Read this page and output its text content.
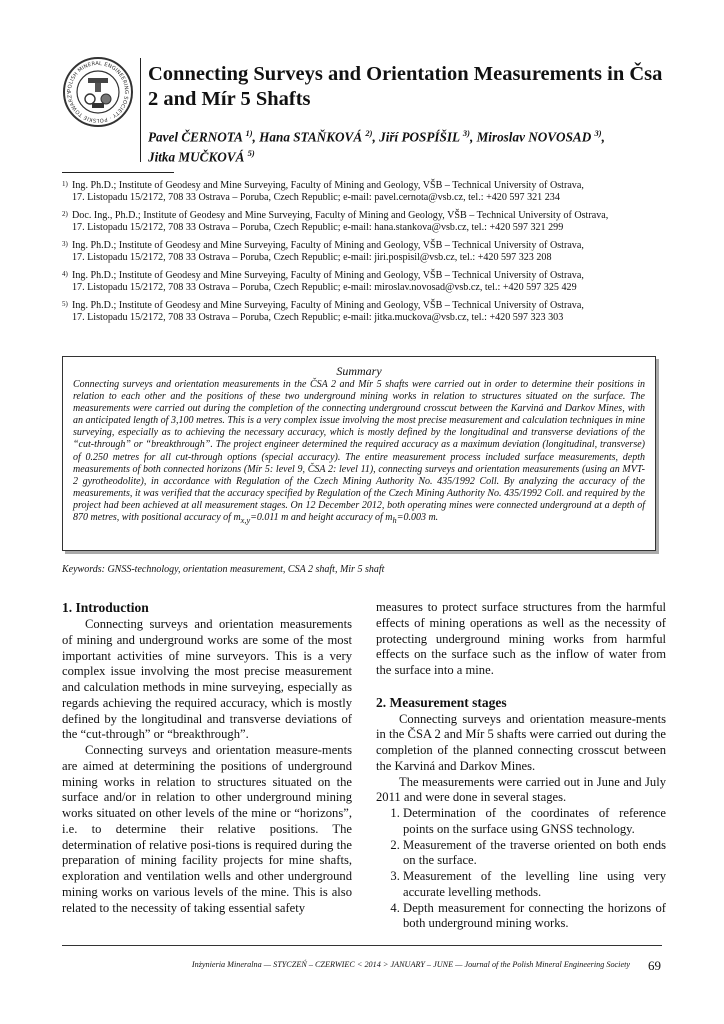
POLISH MINERAL ENGINEERING SOCIETY · POLSKIE TOWARZY
Connecting Surveys and Orientation Measurements in Čsa 2 and Mír 5 Shafts
Pavel ČERNOTA $^{1)}$, Hana STAŇKOVÁ $^{2)}$, Jiří POSPÍŠIL $^{3)}$, Miroslav NOVOSAD $^{3)}$,
Jitka MUČKOVÁ $^{5)}$
1) Ing. Ph.D.; Institute of Geodesy and Mine Surveying, Faculty of Mining and Geology, VŠB – Technical University of Ostrava,
17. Listopadu 15/2172, 708 33 Ostrava – Poruba, Czech Republic; e-mail: pavel.cernota@vsb.cz, tel.: +420 597 321 234
2) Doc. Ing., Ph.D.; Institute of Geodesy and Mine Surveying, Faculty of Mining and Geology, VŠB – Technical University of Ostrava,
17. Listopadu 15/2172, 708 33 Ostrava – Poruba, Czech Republic; e-mail: hana.stankova@vsb.cz, tel.: +420 597 321 299
3) Ing. Ph.D.; Institute of Geodesy and Mine Surveying, Faculty of Mining and Geology, VŠB – Technical University of Ostrava,
17. Listopadu 15/2172, 708 33 Ostrava – Poruba, Czech Republic; e-mail: jiri.pospisil@vsb.cz, tel.: +420 597 323 208
4) Ing. Ph.D.; Institute of Geodesy and Mine Surveying, Faculty of Mining and Geology, VŠB – Technical University of Ostrava,
17. Listopadu 15/2172, 708 33 Ostrava – Poruba, Czech Republic; e-mail: miroslav.novosad@vsb.cz, tel.: +420 597 325 429
5) Ing. Ph.D.; Institute of Geodesy and Mine Surveying, Faculty of Mining and Geology, VŠB – Technical University of Ostrava,
17. Listopadu 15/2172, 708 33 Ostrava – Poruba, Czech Republic; e-mail: jitka.muckova@vsb.cz, tel.: +420 597 323 303
Summary
Connecting surveys and orientation measurements in the ČSA 2 and Mír 5 shafts were carried out in order to determine their positions in relation to each other and the positions of these two underground mining works in relation to structures situated on the surface. The measurements were carried out during the completion of the connecting underground crosscut between the Karviná and Darkov Mines, with an anticipated length of 3,100 metres. This is a very complex issue involving the most precise measurement and calculation techniques in mine surveying, especially as to achieving the necessary accuracy, which is mostly defined by the longitudinal and transverse deviations of the “cut-through” or “breakthrough”. The project engineer determined the required accuracy as a maximum deviation (longitudinal, transverse) of 0.250 metres for all cut-through options (special accuracy). The entire measurement process included surface measurements, depth measurements of both connected horizons (Mír 5: level 9, ČSA 2: level 11), connecting surveys and orientation measurements (using an MVT-2 gyrotheodolite), in accordance with Regulation of the Czech Mining Authority No. 435/1992 Coll. By analyzing the accuracy of the measurements, it was verified that the accuracy specified by Regulation of the Czech Mining Authority No. 435/1992 Coll. and required by the project had been achieved at all measurement stages. On 12 December 2012, both operating mines were connected underground at a depth of 870 metres, with positional accuracy of $m_{x,y}=0.011$ m and height accuracy of $m_h=0.003$ m.
Keywords: GNSS-technology, orientation measurement, CSA 2 shaft, Mir 5 shaft
1. Introduction

Connecting surveys and orientation measurements of mining and underground works are some of the most important activities of mine surveyors. This is a very complex issue involving the most precise measurement and calculation methods in mine surveying, especially as regards achieving the required accuracy, which is mostly defined by the longitudinal and transverse deviations of the “cut-through” or “breakthrough”.

Connecting surveys and orientation measure-ments are aimed at determining the positions of underground mining works in relation to structures situated on the surface and/or in relation to other underground mining works situated on other levels of the mine or “horizons”, i.e. to determine their relative positions. The determination of relative posi-tions is required during the preparation of mining facility projects for mine shafts, exploration and ventilation wells and other underground mining works on various levels of the mine. This is also related to the necessity of taking essential safety

measures to protect surface structures from the harmful effects of mining operations as well as the necessity of protecting underground mining works from harmful effects on the surface such as the inflow of water from the surface into a mine.

2. Measurement stages

Connecting surveys and orientation measure-ments in the ČSA 2 and Mír 5 shafts were carried out during the completion of the planned connecting crosscut between the Karviná and Darkov Mines.

The measurements were carried out in June and July 2011 and were done in several stages.

1. Determination of the coordinates of reference points on the surface using GNSS technology.
2. Measurement of the traverse oriented on both ends on the surface.
3. Measurement of the levelling line using very accurate levelling methods.
4. Depth measurement for connecting the horizons of both underground mining works.
Inżynieria Mineralna — STYCZEŃ – CZERWIEC < 2014 > JANUARY – JUNE — Journal of the Polish Mineral Engineering Society 69
